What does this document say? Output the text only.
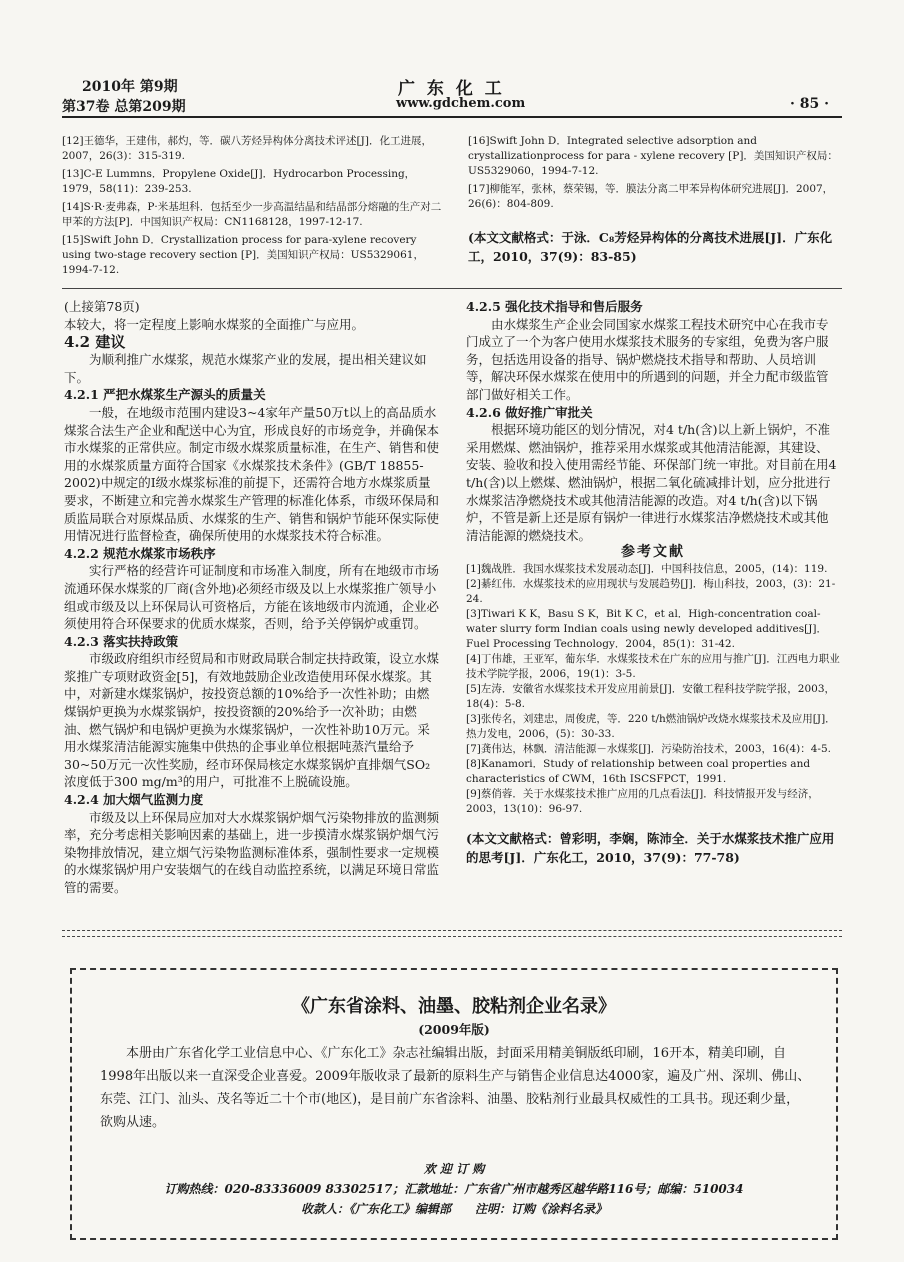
2010年 第9期
第37卷 总第209期
广 东 化 工
www.gdchem.com	· 85 ·

[12]王德华，王建伟，郝灼，等．碳八芳烃异构体分离技术评述[J]．化工进展，2007，26(3)：315-319.

[13]C-E Lummns．Propylene Oxide[J]．Hydrocarbon Processing，1979，58(11)：239-253.

[14]S·R·麦弗森，P·米基坦科．包括至少一步高温结晶和结晶部分熔融的生产对二甲苯的方法[P]．中国知识产权局：CN1168128，1997-12-17.

[15]Swift John D．Crystallization process for para-xylene recovery using two-stage recovery section [P]．美国知识产权局：US5329061，1994-7-12.

[16]Swift John D．Integrated selective adsorption and crystallizationprocess for para - xylene recovery [P]．美国知识产权局：US5329060，1994-7-12.

[17]柳能军，张林，蔡荣锡，等．膜法分离二甲苯异构体研究进展[J]．2007，26(6)：804-809.

(本文文献格式：于泳．C₈芳烃异构体的分离技术进展[J]．广东化工，2010，37(9)：83-85)

(上接第78页)

本较大，将一定程度上影响水煤浆的全面推广与应用。

4.2 建议

为顺利推广水煤浆，规范水煤浆产业的发展，提出相关建议如下。

4.2.1 严把水煤浆生产源头的质量关

一般，在地级市范围内建设3~4家年产量50万t以上的高品质水煤浆合法生产企业和配送中心为宜，形成良好的市场竞争，并确保本市水煤浆的正常供应。制定市级水煤浆质量标准，在生产、销售和使用的水煤浆质量方面符合国家《水煤浆技术条件》(GB/T 18855-2002)中规定的Ⅰ级水煤浆标准的前提下，还需符合地方水煤浆质量要求，不断建立和完善水煤浆生产管理的标准化体系，市级环保局和质监局联合对原煤品质、水煤浆的生产、销售和锅炉节能环保实际使用情况进行监督检查，确保所使用的水煤浆技术符合标准。

4.2.2 规范水煤浆市场秩序

实行严格的经营许可证制度和市场准入制度，所有在地级市市场流通环保水煤浆的厂商(含外地)必须经市级及以上水煤浆推广领导小组或市级及以上环保局认可资格后，方能在该地级市内流通，企业必须使用符合环保要求的优质水煤浆，否则，给予关停锅炉或重罚。

4.2.3 落实扶持政策

市级政府组织市经贸局和市财政局联合制定扶持政策，设立水煤浆推广专项财政资金[5]，有效地鼓励企业改造使用环保水煤浆。其中，对新建水煤浆锅炉，按投资总额的10%给予一次性补助；由燃煤锅炉更换为水煤浆锅炉，按投资额的20%给予一次补助；由燃油、燃气锅炉和电锅炉更换为水煤浆锅炉，一次性补助10万元。采用水煤浆清洁能源实施集中供热的企事业单位根据吨蒸汽量给予30~50万元一次性奖励，经市环保局核定水煤浆锅炉直排烟气SO₂浓度低于300 mg/m³的用户，可批准不上脱硫设施。

4.2.4 加大烟气监测力度

市级及以上环保局应加对大水煤浆锅炉烟气污染物排放的监测频率，充分考虑相关影响因素的基础上，进一步摸清水煤浆锅炉烟气污染物排放情况，建立烟气污染物监测标准体系，强制性要求一定规模的水煤浆锅炉用户安装烟气的在线自动监控系统，以满足环境日常监管的需要。

4.2.5 强化技术指导和售后服务

由水煤浆生产企业会同国家水煤浆工程技术研究中心在我市专门成立了一个为客户使用水煤浆技术服务的专家组，免费为客户服务，包括选用设备的指导、锅炉燃烧技术指导和帮助、人员培训等，解决环保水煤浆在使用中的所遇到的问题，并全力配市级监管部门做好相关工作。

4.2.6 做好推广审批关

根据环境功能区的划分情况，对4 t/h(含)以上新上锅炉，不准采用燃煤、燃油锅炉，推荐采用水煤浆或其他清洁能源，其建设、安装、验收和投入使用需经节能、环保部门统一审批。对目前在用4 t/h(含)以上燃煤、燃油锅炉，根据二氧化硫减排计划，应分批进行水煤浆洁净燃烧技术或其他清洁能源的改造。对4 t/h(含)以下锅炉，不管是新上还是原有锅炉一律进行水煤浆洁净燃烧技术或其他清洁能源的燃烧技术。

参考文献

[1]魏战胜．我国水煤浆技术发展动态[J]．中国科技信息，2005，(14)：119.

[2]綦红伟．水煤浆技术的应用现状与发展趋势[J]．梅山科技，2003，(3)：21-24.

[3]Tiwari K K，Basu S K，Bit K C，et al．High-concentration coal-water slurry form Indian coals using newly developed additives[J]．Fuel Processing Technology．2004，85(1)：31-42.

[4]丁伟雄，王亚军，葡东华．水煤浆技术在广东的应用与推广[J]．江西电力职业技术学院学报，2006，19(1)：3-5.

[5]左涛．安徽省水煤浆技术开发应用前景[J]．安徽工程科技学院学报，2003，18(4)：5-8.

[3]张传名，刘建忠，周俊虎，等．220 t/h燃油锅炉改烧水煤浆技术及应用[J]．热力发电，2006，(5)：30-33.

[7]龚伟达，林飘．清洁能源－水煤浆[J]．污染防治技术，2003，16(4)：4-5.

[8]Kanamori．Study of relationship between coal properties and characteristics of CWM，16th ISCSFPCT，1991.

[9]蔡俏蓉．关于水煤浆技术推广应用的几点看法[J]．科技情报开发与经济，2003，13(10)：96-97.

(本文文献格式：曾彩明，李娴，陈沛全．关于水煤浆技术推广应用的思考[J]．广东化工，2010，37(9)：77-78)

《广东省涂料、油墨、胶粘剂企业名录》
(2009年版)
本册由广东省化学工业信息中心、《广东化工》杂志社编辑出版，封面采用精美铜版纸印刷，16开本，精美印刷，自1998年出版以来一直深受企业喜爱。2009年版收录了最新的原料生产与销售企业信息达4000家，遍及广州、深圳、佛山、东莞、江门、汕头、茂名等近二十个市(地区)，是目前广东省涂料、油墨、胶粘剂行业最具权威性的工具书。现还剩少量，欲购从速。
欢 迎 订 购
订购热线：020-83336009 83302517；汇款地址：广东省广州市越秀区越华路116号；邮编：510034
收款人：《广东化工》编辑部　　注明：订购《涂料名录》
